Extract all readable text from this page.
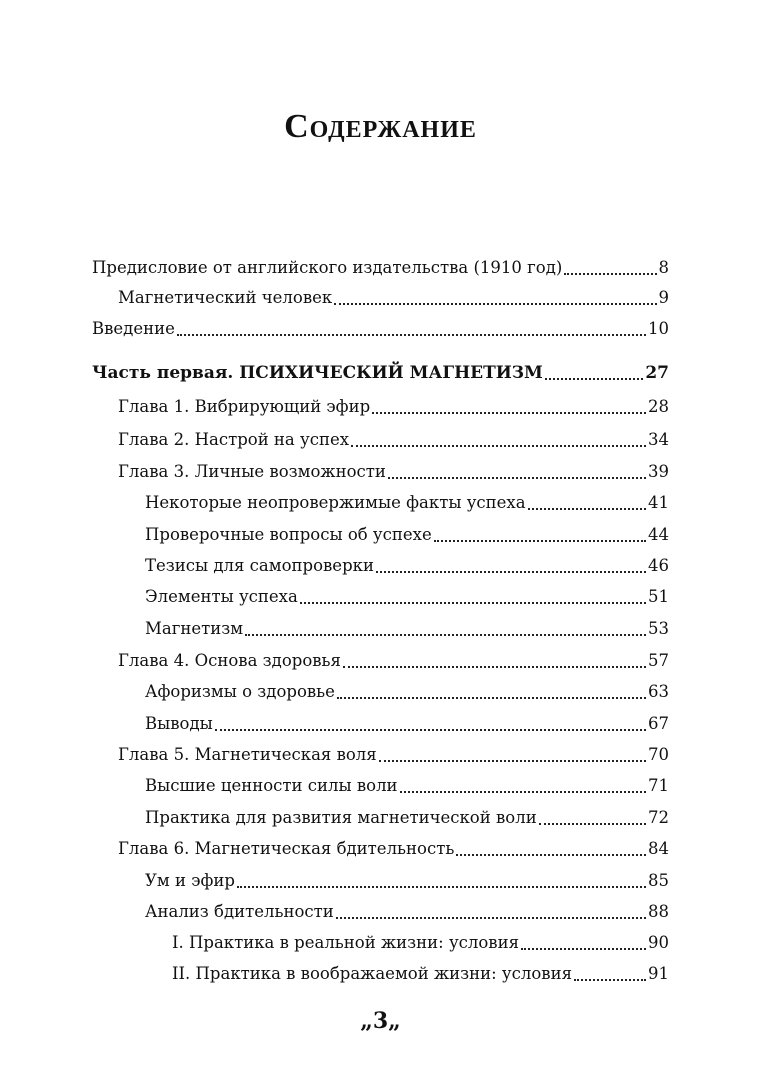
Содержание
Предисловие от английского издательства (1910 год)	8
Магнетический человек	9
Введение	10
Часть первая. ПСИХИЧЕСКИЙ МАГНЕТИЗМ	27
Глава 1. Вибрирующий эфир	28
Глава 2. Настрой на успех	34
Глава 3. Личные возможности	39
Некоторые неопровержимые факты успеха	41
Проверочные вопросы об успехе	44
Тезисы для самопроверки	46
Элементы успеха	51
Магнетизм	53
Глава 4. Основа здоровья	57
Афоризмы о здоровье	63
Выводы	67
Глава 5. Магнетическая воля	70
Высшие ценности силы воли	71
Практика для развития магнетической воли	72
Глава 6. Магнетическая бдительность	84
Ум и эфир	85
Анализ бдительности	88
I. Практика в реальной жизни: условия	90
II. Практика в воображаемой жизни: условия	91
„3„
